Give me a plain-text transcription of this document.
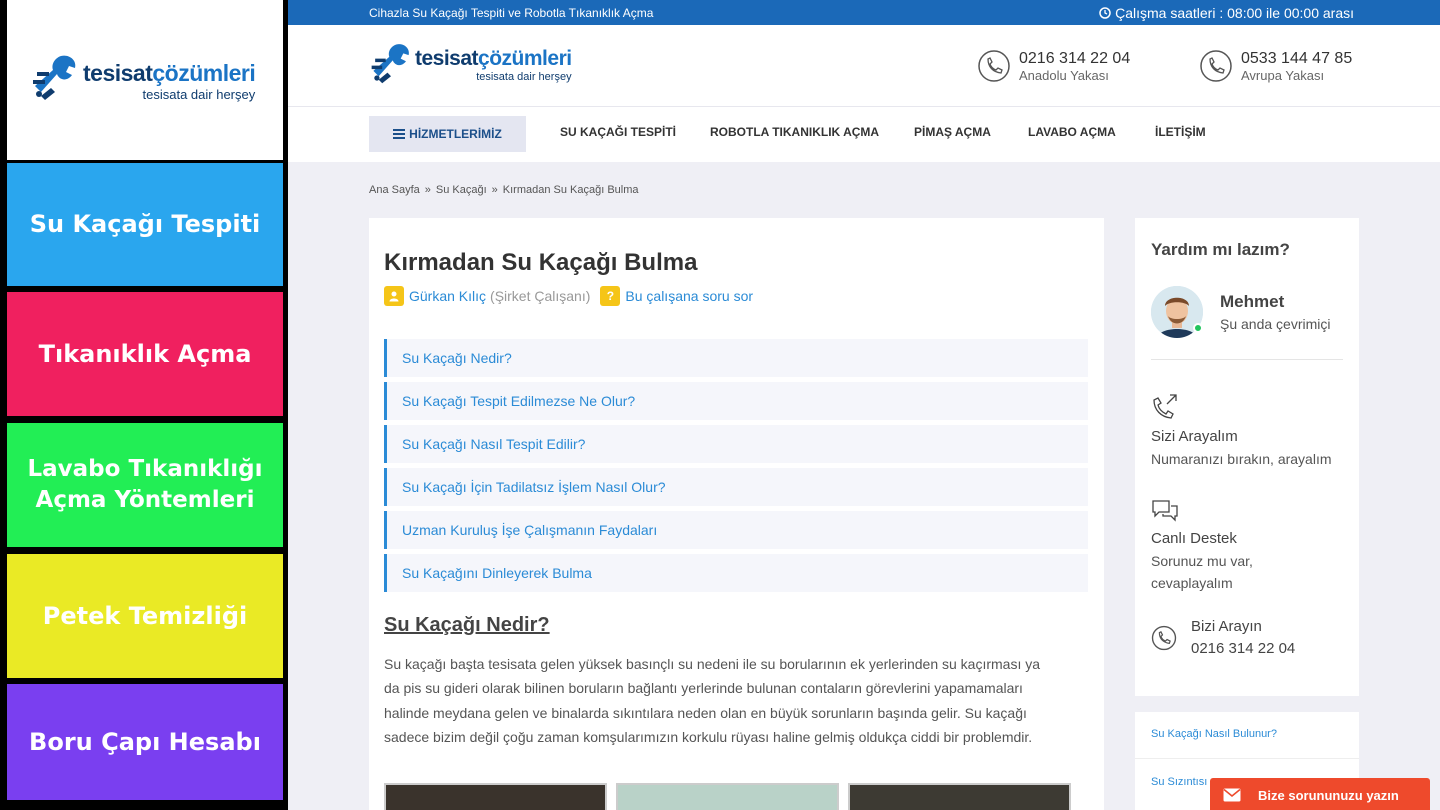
tesisatçözümleri
tesisata dair herşey
Su Kaçağı Tespiti
Tıkanıklık Açma
Lavabo Tıkanıklığı
Açma Yöntemleri
Petek Temizliği
Boru Çapı Hesabı
Cihazla Su Kaçağı Tespiti ve Robotla Tıkanıklık Açma	Çalışma saatleri : 08:00 ile 00:00 arası
tesisatçözümleri
tesisata dair herşey
0216 314 22 04
Anadolu Yakası
0533 144 47 85
Avrupa Yakası
HİZMETLERİMİZ	SU KAÇAĞI TESPİTİ	ROBOTLA TIKANIKLIK AÇMA	PİMAŞ AÇMA	LAVABO AÇMA	İLETİŞİM
Ana Sayfa » Su Kaçağı » Kırmadan Su Kaçağı Bulma
Kırmadan Su Kaçağı Bulma
Gürkan Kılıç (Şirket Çalışanı)	? Bu çalışana soru sor
Su Kaçağı Nedir?
Su Kaçağı Tespit Edilmezse Ne Olur?
Su Kaçağı Nasıl Tespit Edilir?
Su Kaçağı İçin Tadilatsız İşlem Nasıl Olur?
Uzman Kuruluş İşe Çalışmanın Faydaları
Su Kaçağını Dinleyerek Bulma
Su Kaçağı Nedir?
Su kaçağı başta tesisata gelen yüksek basınçlı su nedeni ile su borularının ek yerlerinden su kaçırması ya
da pis su gideri olarak bilinen boruların bağlantı yerlerinde bulunan contaların görevlerini yapamamaları
halinde meydana gelen ve binalarda sıkıntılara neden olan en büyük sorunların başında gelir. Su kaçağı
sadece bizim değil çoğu zaman komşularımızın korkulu rüyası haline gelmiş oldukça ciddi bir problemdir.
Yardım mı lazım?
Mehmet
Şu anda çevrimiçi
Sizi Arayalım
Numaranızı bırakın, arayalım
Canlı Destek
Sorunuz mu var,
cevaplayalım
Bizi Arayın
0216 314 22 04
Su Kaçağı Nasıl Bulunur?
Su Sızıntısı
Bize sorununuzu yazın
